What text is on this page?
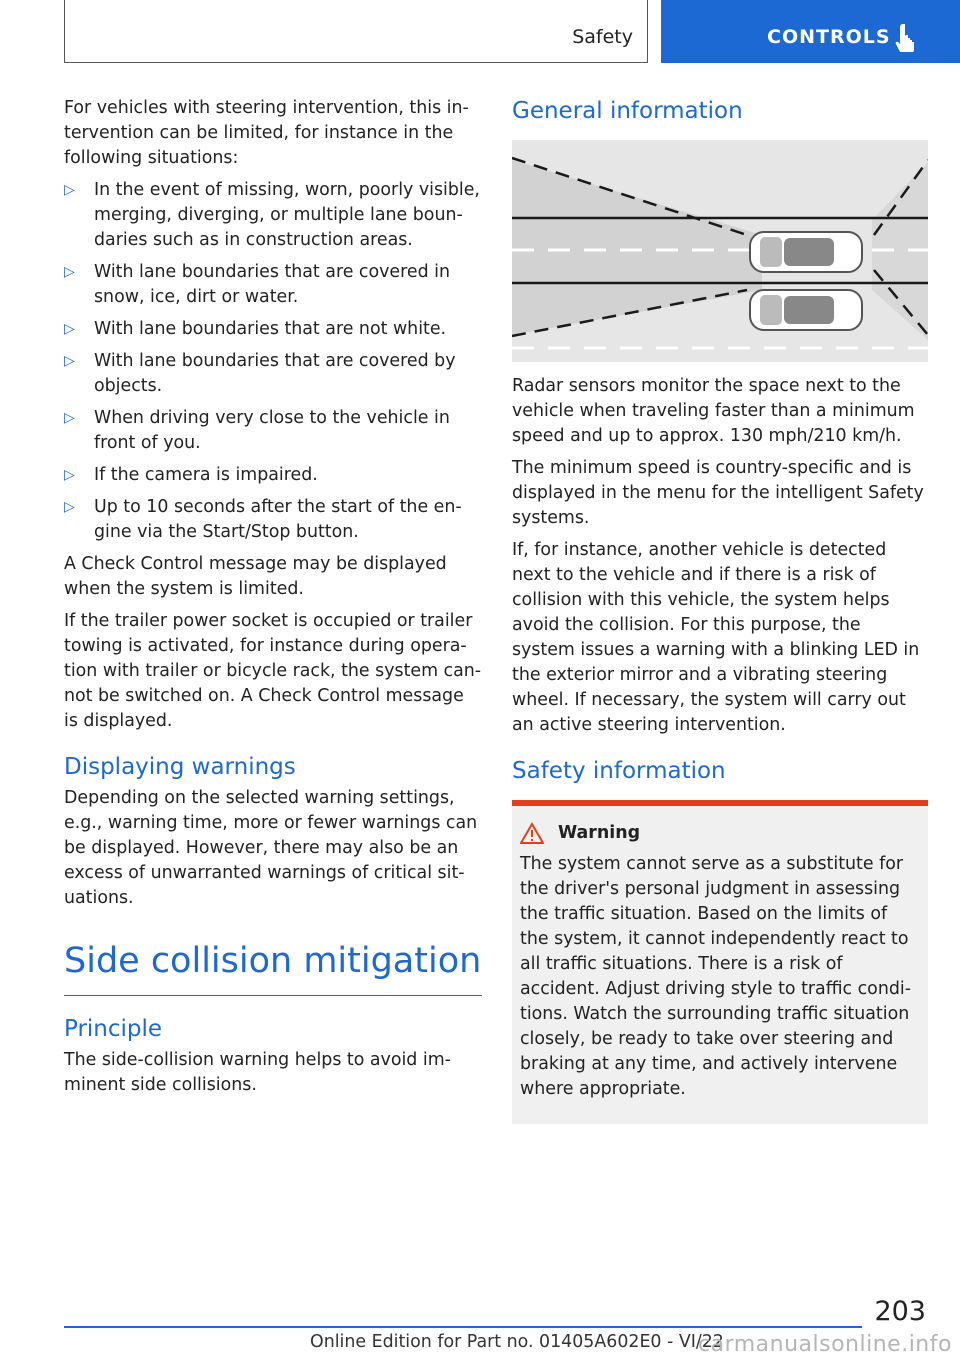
Safety	CONTROLS

For vehicles with steering intervention, this intervention can be limited, for instance in the following situations:

▷ In the event of missing, worn, poorly visible, merging, diverging, or multiple lane boundaries such as in construction areas.
▷ With lane boundaries that are covered in snow, ice, dirt or water.
▷ With lane boundaries that are not white.
▷ With lane boundaries that are covered by objects.
▷ When driving very close to the vehicle in front of you.
▷ If the camera is impaired.
▷ Up to 10 seconds after the start of the engine via the Start/Stop button.

A Check Control message may be displayed when the system is limited.

If the trailer power socket is occupied or trailer towing is activated, for instance during operation with trailer or bicycle rack, the system cannot be switched on. A Check Control message is displayed.

Displaying warnings

Depending on the selected warning settings, e.g., warning time, more or fewer warnings can be displayed. However, there may also be an excess of unwarranted warnings of critical situations.

Side collision mitigation
Principle

The side-collision warning helps to avoid imminent side collisions.

General information

Radar sensors monitor the space next to the vehicle when traveling faster than a minimum speed and up to approx. 130 mph/210 km/h.

The minimum speed is country-specific and is displayed in the menu for the intelligent Safety systems.

If, for instance, another vehicle is detected next to the vehicle and if there is a risk of collision with this vehicle, the system helps avoid the collision. For this purpose, the system issues a warning with a blinking LED in the exterior mirror and a vibrating steering wheel. If necessary, the system will carry out an active steering intervention.

Safety information
Warning

The system cannot serve as a substitute for the driver's personal judgment in assessing the traffic situation. Based on the limits of the system, it cannot independently react to all traffic situations. There is a risk of accident. Adjust driving style to traffic conditions. Watch the surrounding traffic situation closely, be ready to take over steering and braking at any time, and actively intervene where appropriate.

203
Online Edition for Part no. 01405A602E0 - VI/22
carmanualsonline.info
